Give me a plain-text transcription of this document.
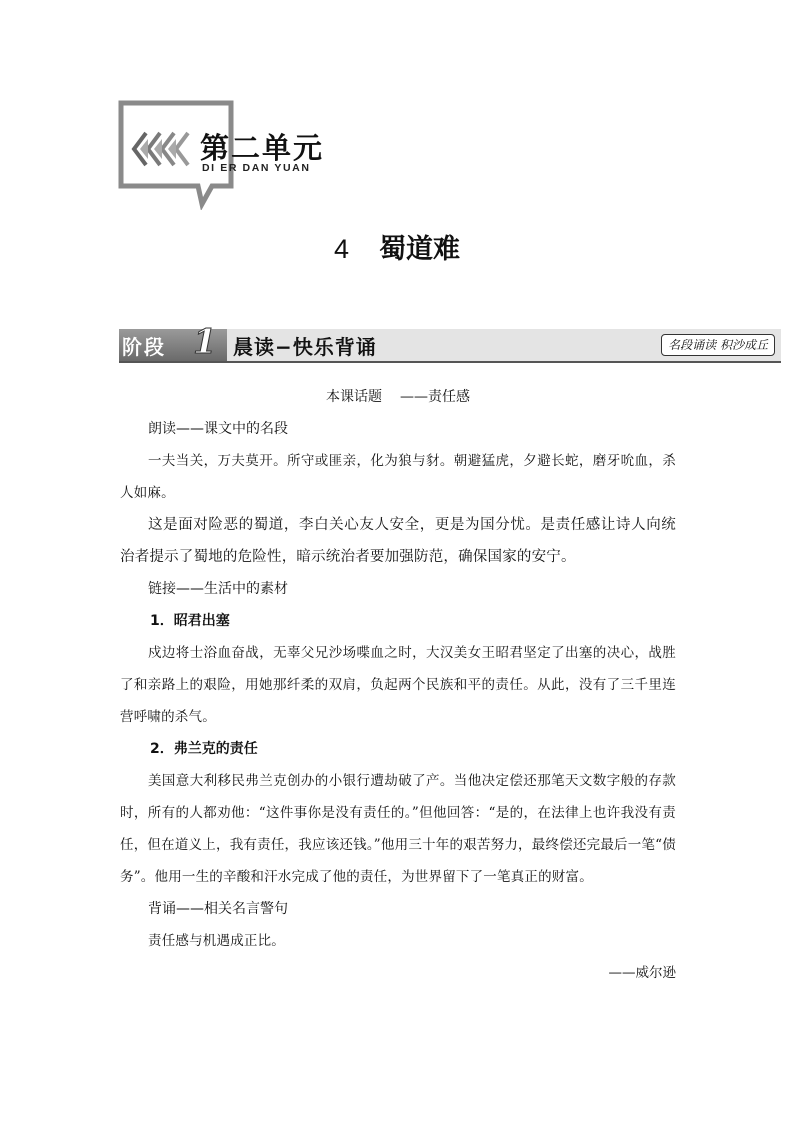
第二单元
DI ER DAN YUAN
4 蜀道难
阶段 1 晨读−快乐背诵	名段诵读 积沙成丘

本课话题 ——责任感

朗读——课文中的名段

一夫当关，万夫莫开。所守或匪亲，化为狼与豺。朝避猛虎，夕避长蛇，磨牙吮血，杀人如麻。

这是面对险恶的蜀道，李白关心友人安全，更是为国分忧。是责任感让诗人向统治者提示了蜀地的危险性，暗示统治者要加强防范，确保国家的安宁。

链接——生活中的素材

1．昭君出塞

戍边将士浴血奋战，无辜父兄沙场喋血之时，大汉美女王昭君坚定了出塞的决心，战胜了和亲路上的艰险，用她那纤柔的双肩，负起两个民族和平的责任。从此，没有了三千里连营呼啸的杀气。

2．弗兰克的责任

美国意大利移民弗兰克创办的小银行遭劫破了产。当他决定偿还那笔天文数字般的存款时，所有的人都劝他：“这件事你是没有责任的。”但他回答：“是的，在法律上也许我没有责任，但在道义上，我有责任，我应该还钱。”他用三十年的艰苦努力，最终偿还完最后一笔“债务”。他用一生的辛酸和汗水完成了他的责任，为世界留下了一笔真正的财富。

背诵——相关名言警句

责任感与机遇成正比。

——威尔逊
